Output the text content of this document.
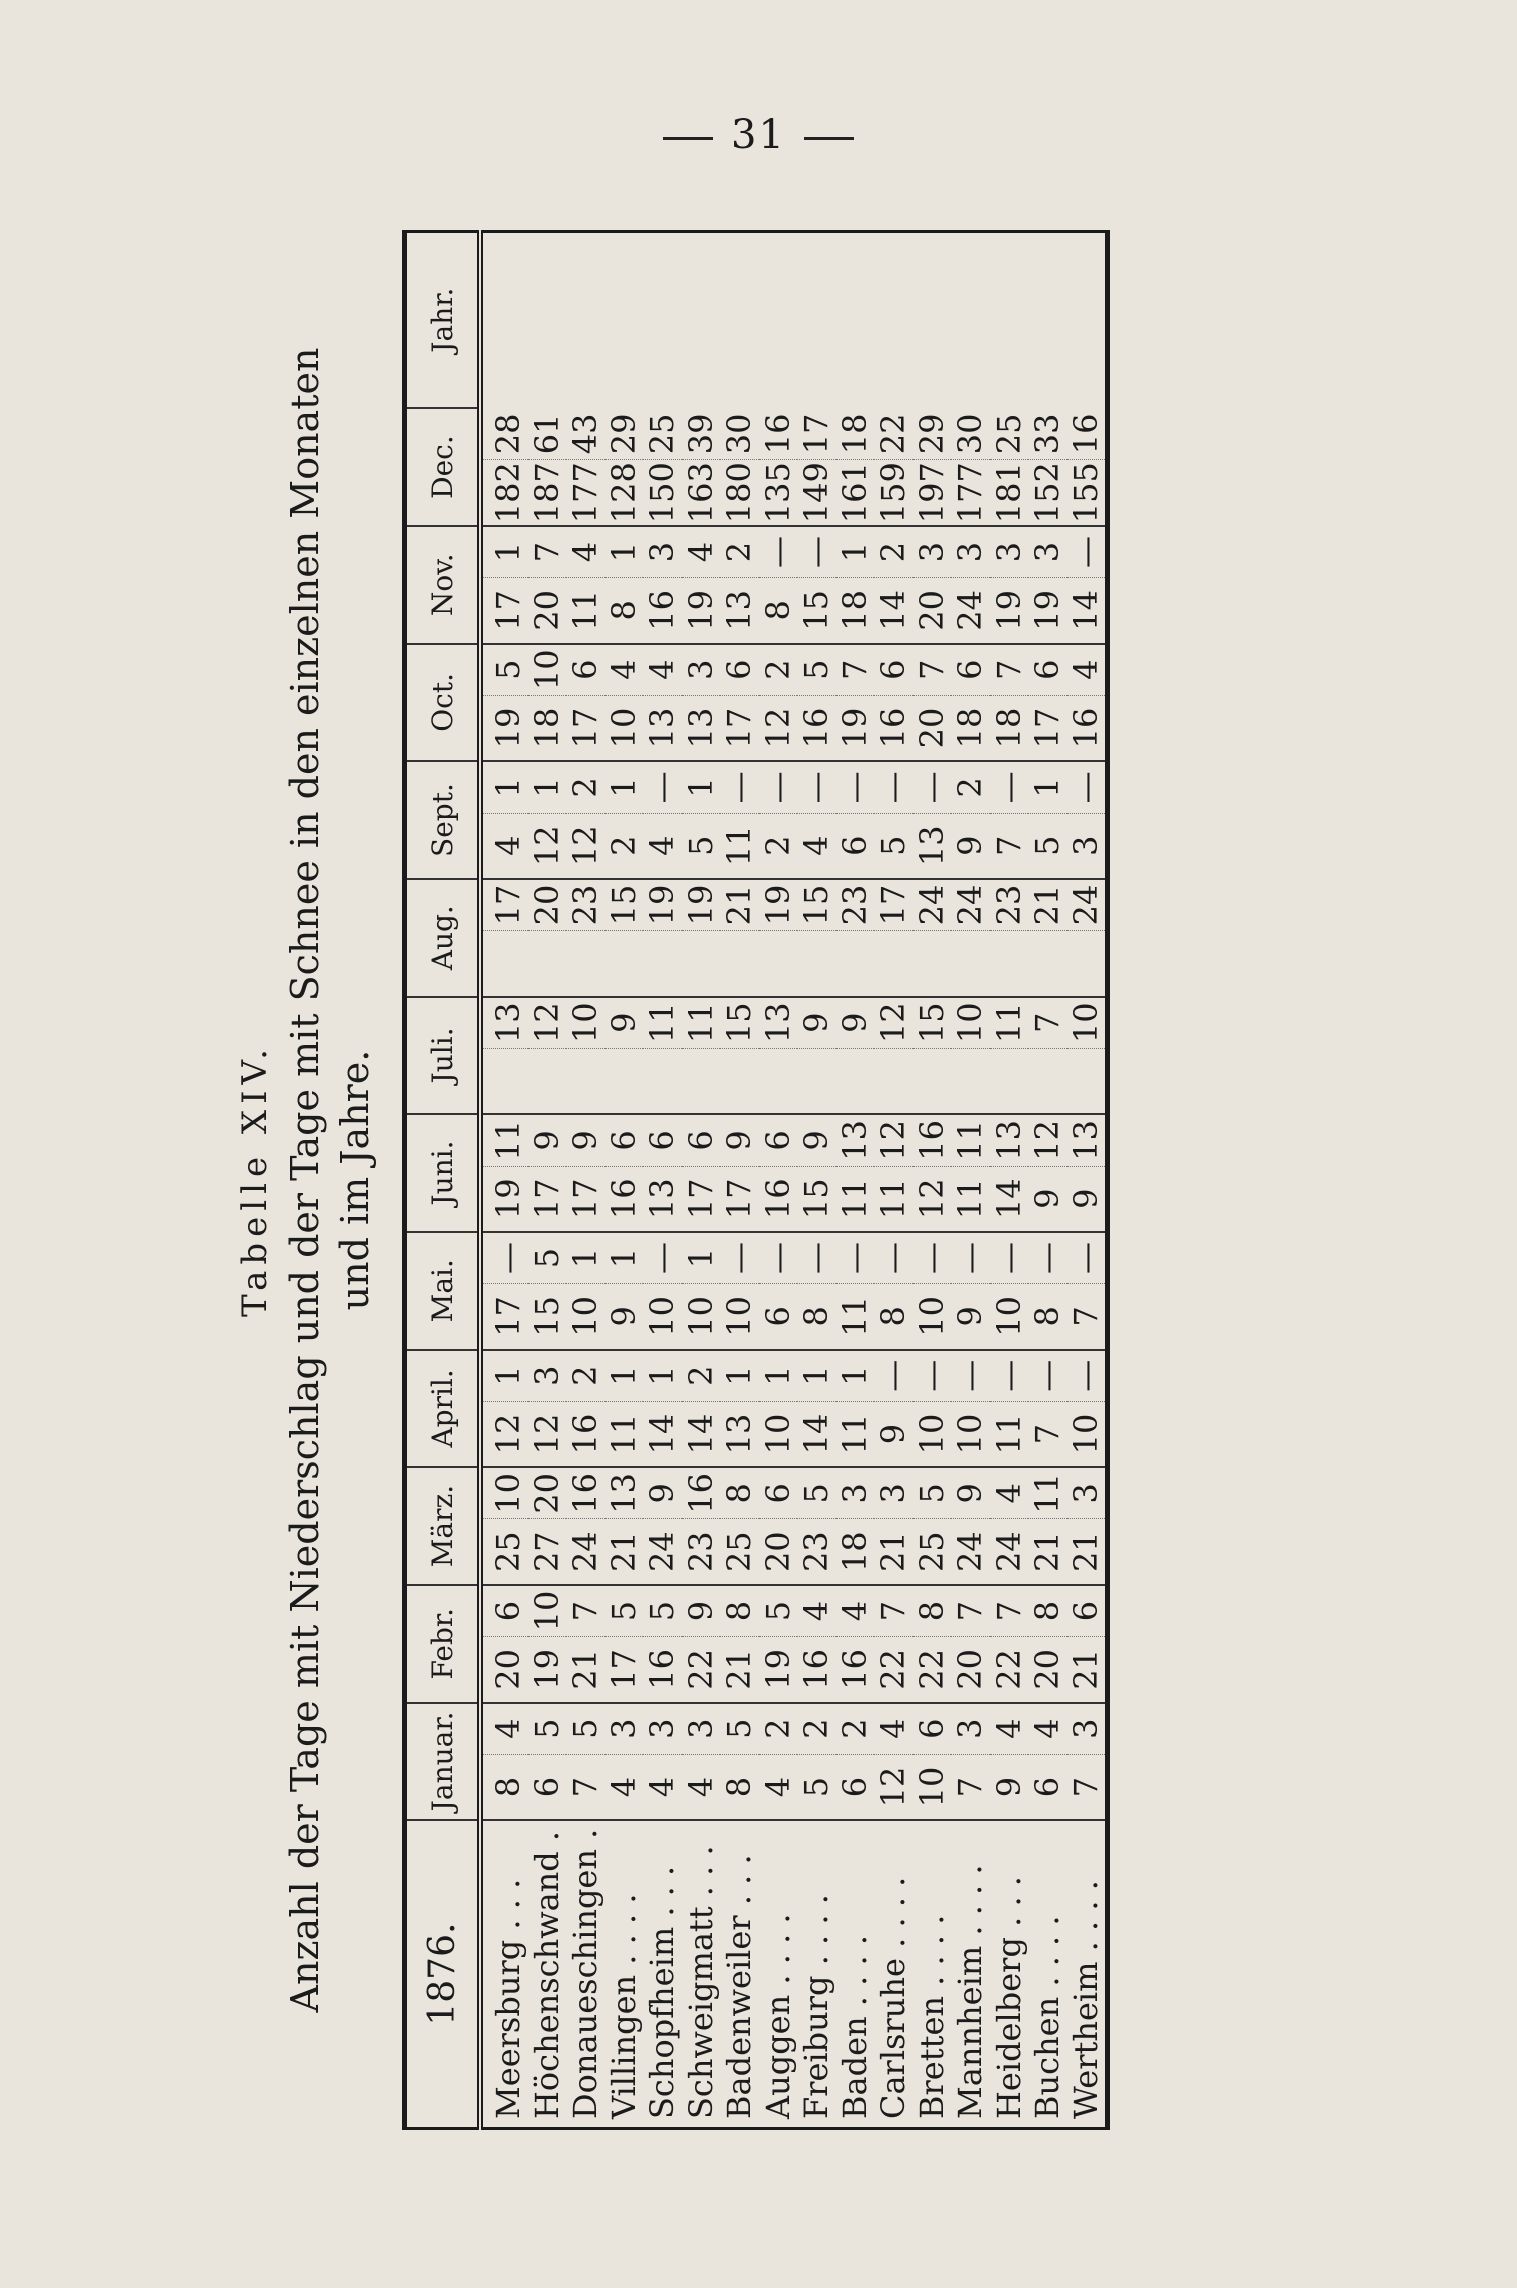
31
Tabelle XIV. Anzahl der Tage mit Niederschlag und der Tage mit Schnee in den einzelnen Monaten und im Jahre.
1876.	Januar.		Febr.		März.		April.		Mai.		Juni.		Juli.		Aug.		Sept.		Oct.		Nov.		Dec.		Jahr.
Meersburg . . .	8	4	20	6	25	10	12	1	17	—	19	11		13		17	4	1	19	5	17	1	182	28	
Höchenschwand .	6	5	19	10	27	20	12	3	15	5	17	9		12		20	12	1	18	10	20	7	187	61	
Donaueschingen .	7	5	21	7	24	16	16	2	10	1	17	9		10		23	12	2	17	6	11	4	177	43	
Villingen . . . .	4	3	17	5	21	13	11	1	9	1	16	6		9		15	2	1	10	4	8	1	128	29	
Schopfheim . . .	4	3	16	5	24	9	14	1	10	—	13	6		11		19	4	—	13	4	16	3	150	25	
Schweigmatt . . .	4	3	22	9	23	16	14	2	10	1	17	6		11		19	5	1	13	3	19	4	163	39	
Badenweiler . . .	8	5	21	8	25	8	13	1	10	—	17	9		15		21	11	—	17	6	13	2	180	30	
Auggen . . . .	4	2	19	5	20	6	10	1	6	—	16	6		13		19	2	—	12	2	8	—	135	16	
Freiburg . . . .	5	2	16	4	23	5	14	1	8	—	15	9		9		15	4	—	16	5	15	—	149	17	
Baden . . . .	6	2	16	4	18	3	11	1	11	—	11	13		9		23	6	—	19	7	18	1	161	18	
Carlsruhe . . . .	12	4	22	7	21	3	9	—	8	—	11	12		12		17	5	—	16	6	14	2	159	22	
Bretten . . . .	10	6	22	8	25	5	10	—	10	—	12	16		15		24	13	—	20	7	20	3	197	29	
Mannheim . . . .	7	3	20	7	24	9	10	—	9	—	11	11		10		24	9	2	18	6	24	3	177	30	
Heidelberg . . .	9	4	22	7	24	4	11	—	10	—	14	13		11		23	7	—	18	7	19	3	181	25	
Buchen . . . .	6	4	20	8	21	11	7	—	8	—	9	12		7		21	5	1	17	6	19	3	152	33	
Wertheim . . . .	7	3	21	6	21	3	10	—	7	—	9	13		10		24	3	—	16	4	14	—	155	16	
